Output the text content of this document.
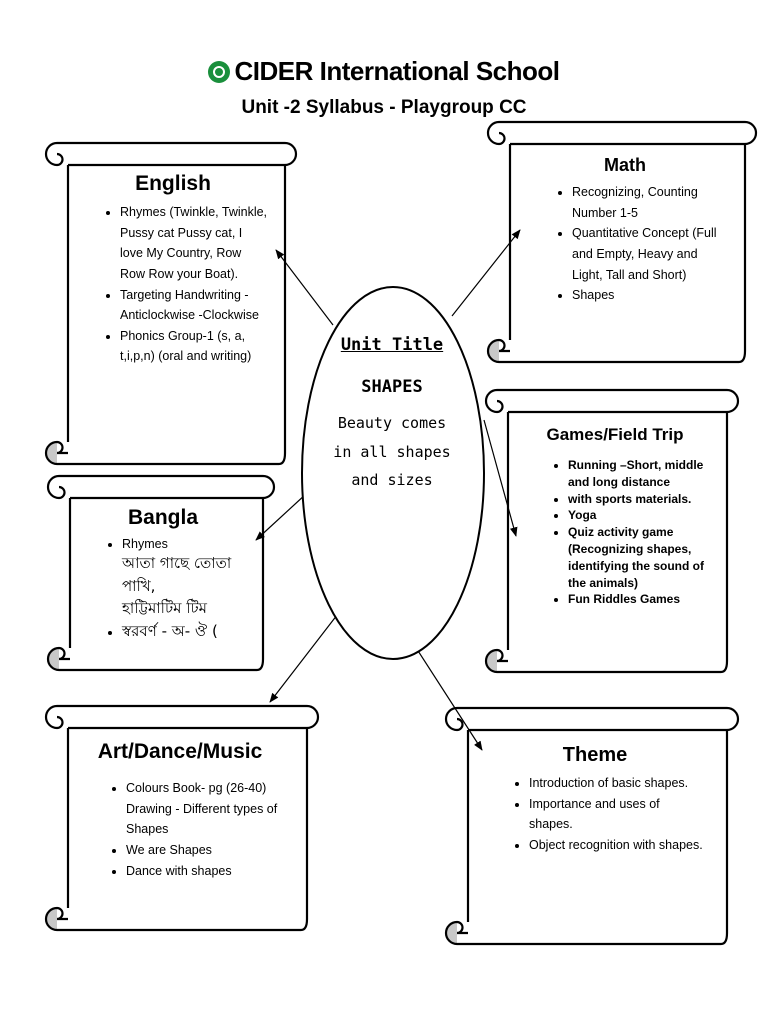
CIDER International School
Unit -2 Syllabus - Playgroup CC
Unit Title
SHAPES
Beauty comes
in all shapes
and sizes
English
• Rhymes (Twinkle, Twinkle, Pussy cat Pussy cat, I love My Country, Row Row Row your Boat).
• Targeting Handwriting -Anticlockwise -Clockwise
• Phonics Group-1 (s, a, t,i,p,n) (oral and writing)
Math
• Recognizing, Counting Number 1-5
• Quantitative Concept (Full and Empty, Heavy and Light, Tall and Short)
• Shapes
Bangla
• Rhymes
আতা গাছে তোতা পাখি,
হাট্টিমাটিম টিম
• স্বরবর্ণ - অ- ঔ (
Games/Field Trip
• Running –Short, middle and long distance
• with sports materials.
• Yoga
• Quiz activity game (Recognizing shapes, identifying the sound of the animals)
• Fun Riddles Games
Art/Dance/Music
• Colours Book- pg (26-40) Drawing - Different types of Shapes
• We are Shapes
• Dance with shapes
Theme
• Introduction of basic shapes.
• Importance and uses of shapes.
• Object recognition with shapes.
